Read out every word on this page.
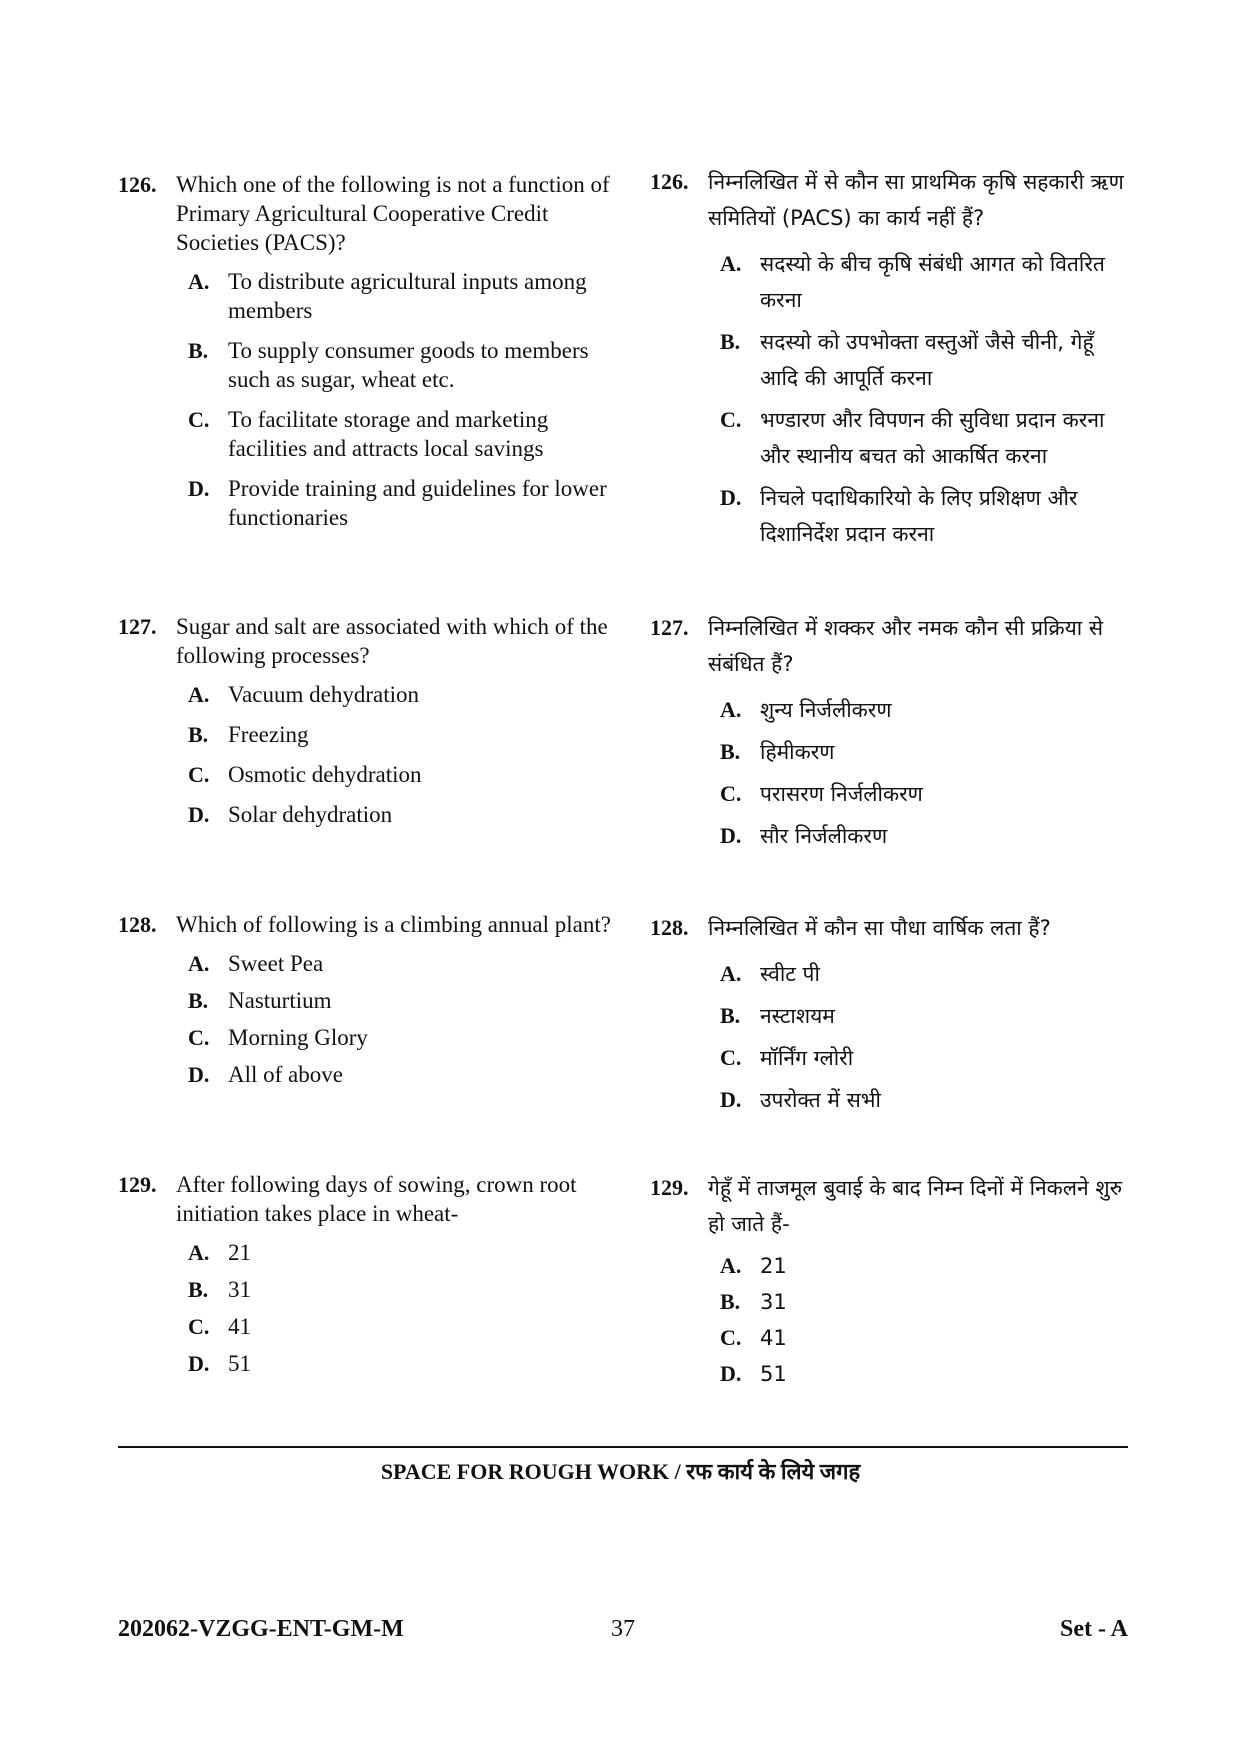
126. Which one of the following is not a function of Primary Agricultural Cooperative Credit Societies (PACS)?
A. To distribute agricultural inputs among members
B. To supply consumer goods to members such as sugar, wheat etc.
C. To facilitate storage and marketing facilities and attracts local savings
D. Provide training and guidelines for lower functionaries
127. Sugar and salt are associated with which of the following processes?
A. Vacuum dehydration
B. Freezing
C. Osmotic dehydration
D. Solar dehydration
128. Which of following is a climbing annual plant?
A. Sweet Pea
B. Nasturtium
C. Morning Glory
D. All of above
129. After following days of sowing, crown root initiation takes place in wheat-
A. 21
B. 31
C. 41
D. 51
126. निम्नलिखित में से कौन सा प्राथमिक कृषि सहकारी ऋण समितियों (PACS) का कार्य नहीं हैं?
A. सदस्यो के बीच कृषि संबंधी आगत को वितरित करना
B. सदस्यो को उपभोक्ता वस्तुओं जैसे चीनी, गेहूँ आदि की आपूर्ति करना
C. भण्डारण और विपणन की सुविधा प्रदान करना और स्थानीय बचत को आकर्षित करना
D. निचले पदाधिकारियो के लिए प्रशिक्षण और दिशानिर्देश प्रदान करना
127. निम्नलिखित में शक्कर और नमक कौन सी प्रक्रिया से संबंधित हैं?
A. शुन्य निर्जलीकरण
B. हिमीकरण
C. परासरण निर्जलीकरण
D. सौर निर्जलीकरण
128. निम्नलिखित में कौन सा पौधा वार्षिक लता हैं?
A. स्वीट पी
B. नस्टाशयम
C. मॉर्निंग ग्लोरी
D. उपरोक्त में सभी
129. गेहूँ में ताजमूल बुवाई के बाद निम्न दिनों में निकलने शुरु हो जाते हैं-
A. 21
B. 31
C. 41
D. 51
SPACE FOR ROUGH WORK / रफ कार्य के लिये जगह
202062-VZGG-ENT-GM-M	37	Set - A
